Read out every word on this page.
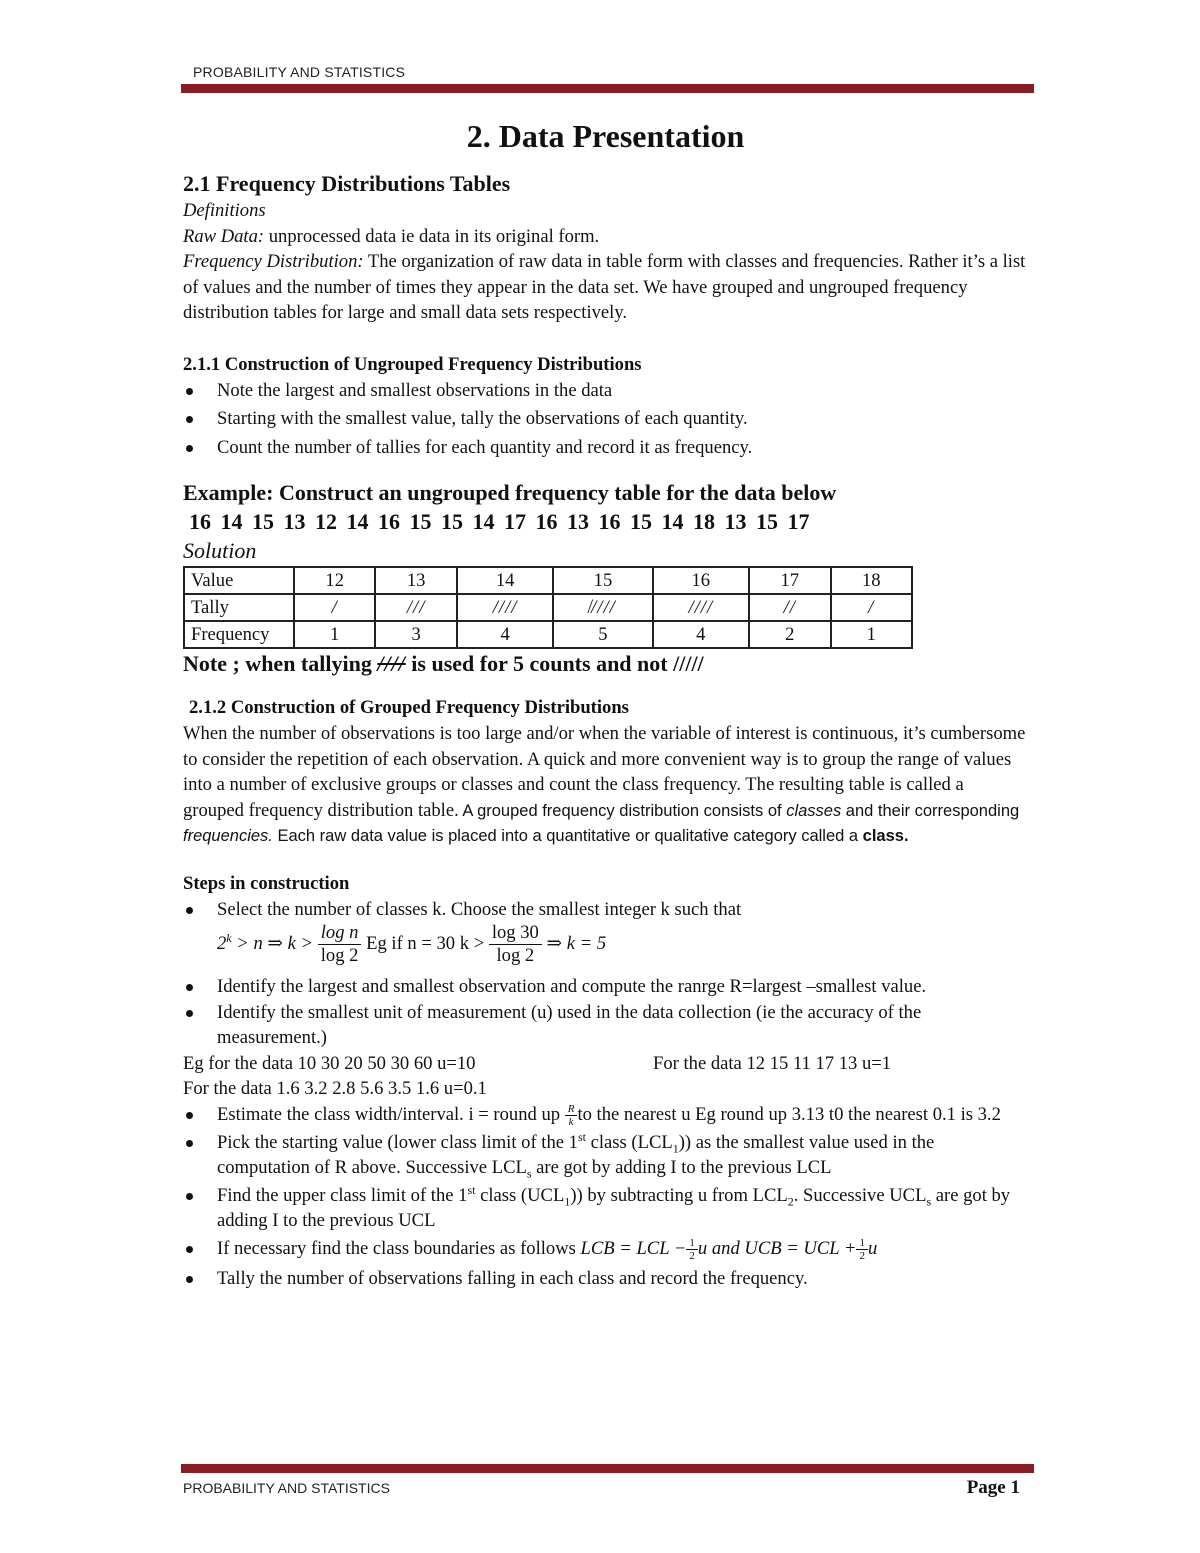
PROBABILITY AND STATISTICS
2. Data Presentation
2.1 Frequency Distributions Tables

Definitions

Raw Data: unprocessed data ie data in its original form.

Frequency Distribution: The organization of raw data in table form with classes and frequencies. Rather it’s a list of values and the number of times they appear in the data set. We have grouped and ungrouped frequency distribution tables for large and small data sets respectively.

2.1.1 Construction of Ungrouped Frequency Distributions
Note the largest and smallest observations in the data
Starting with the smallest value, tally the observations of each quantity.
Count the number of tallies for each quantity and record it as frequency.
Example: Construct an ungrouped frequency table for the data below
16 14 15 13 12 14 16 15 15 14 17 16 13 16 15 14 18 13 15 17
Solution
Value	12	13	14	15	16	17	18
Tally	/	///	////	̸////	////	//	/
Frequency	1	3	4	5	4	2	1
Note ; when tallying //// is used for 5 counts and not /////
2.1.2 Construction of Grouped Frequency Distributions

When the number of observations is too large and/or when the variable of interest is continuous, it’s cumbersome to consider the repetition of each observation. A quick and more convenient way is to group the range of values into a number of exclusive groups or classes and count the class frequency. The resulting table is called a grouped frequency distribution table. A grouped frequency distribution consists of classes and their corresponding frequencies. Each raw data value is placed into a quantitative or qualitative category called a class.

Steps in construction
Select the number of classes k. Choose the smallest integer k such that
$2^k > n$ ⇒ $k > \frac{\text{log n}}{\log 2}$ Eg if n = 30 $k > \frac{\log 30}{\log 2}$ ⇒ k = 5
Identify the largest and smallest observation and compute the ranrge R=largest –smallest value.
Identify the smallest unit of measurement (u) used in the data collection (ie the accuracy of the measurement.)
Eg for the data 10 30 20 50 30 60 u=10	For the data 12 15 11 17 13 u=1

For the data 1.6 3.2 2.8 5.6 3.5 1.6 u=0.1

Estimate the class width/interval. i = round up $\frac{R}{k}$ to the nearest u Eg round up 3.13 t0 the nearest 0.1 is 3.2
Pick the starting value (lower class limit of the 1st class $(LCL_1)$) as the smallest value used in the computation of R above. Successive $LCL_s$ are got by adding I to the previous LCL
Find the upper class limit of the 1st class $(UCL_1)$) by subtracting u from $LCL_2$. Successive $UCL_s$ are got by adding I to the previous UCL
If necessary find the class boundaries as follows LCB = LCL − $\frac{1}{2}$ u and UCB = UCL + $\frac{1}{2}$ u
Tally the number of observations falling in each class and record the frequency.
PROBABILITY AND STATISTICS	Page 1
